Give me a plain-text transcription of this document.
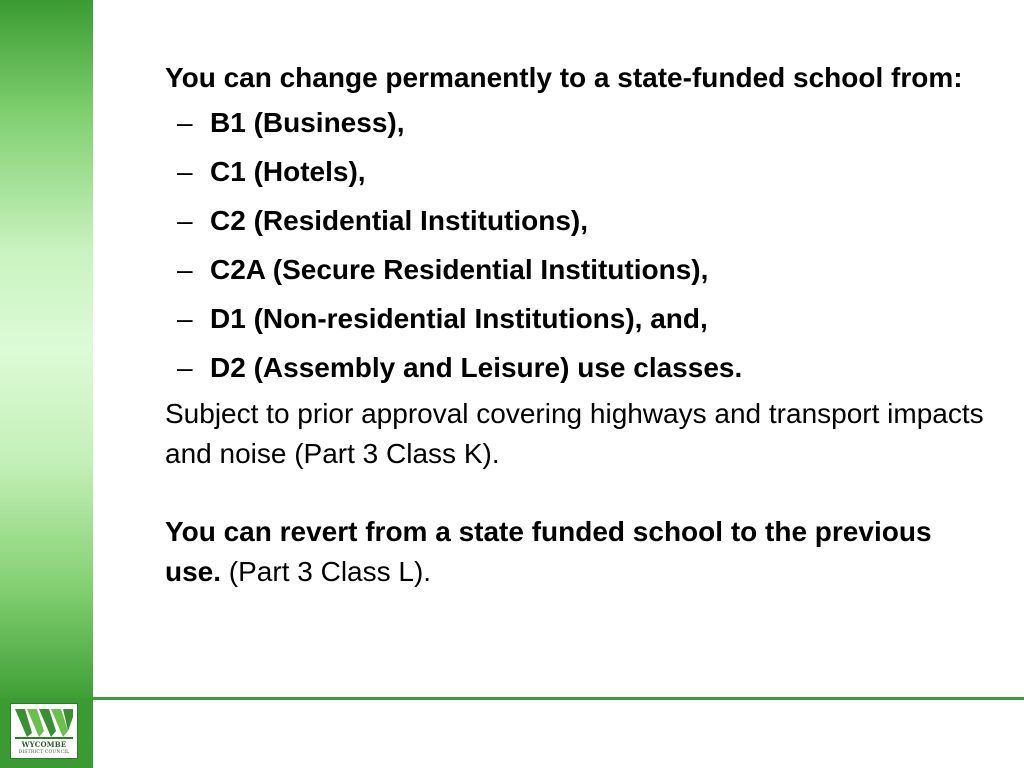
WYCOMBE
DISTRICT COUNCIL

You can change permanently to a state-funded school from:

– B1 (Business),
– C1 (Hotels),
– C2 (Residential Institutions),
– C2A (Secure Residential Institutions),
– D1 (Non-residential Institutions), and,
– D2 (Assembly and Leisure) use classes.

Subject to prior approval covering highways and transport impacts and noise (Part 3 Class K).

You can revert from a state funded school to the previous use. (Part 3 Class L).
